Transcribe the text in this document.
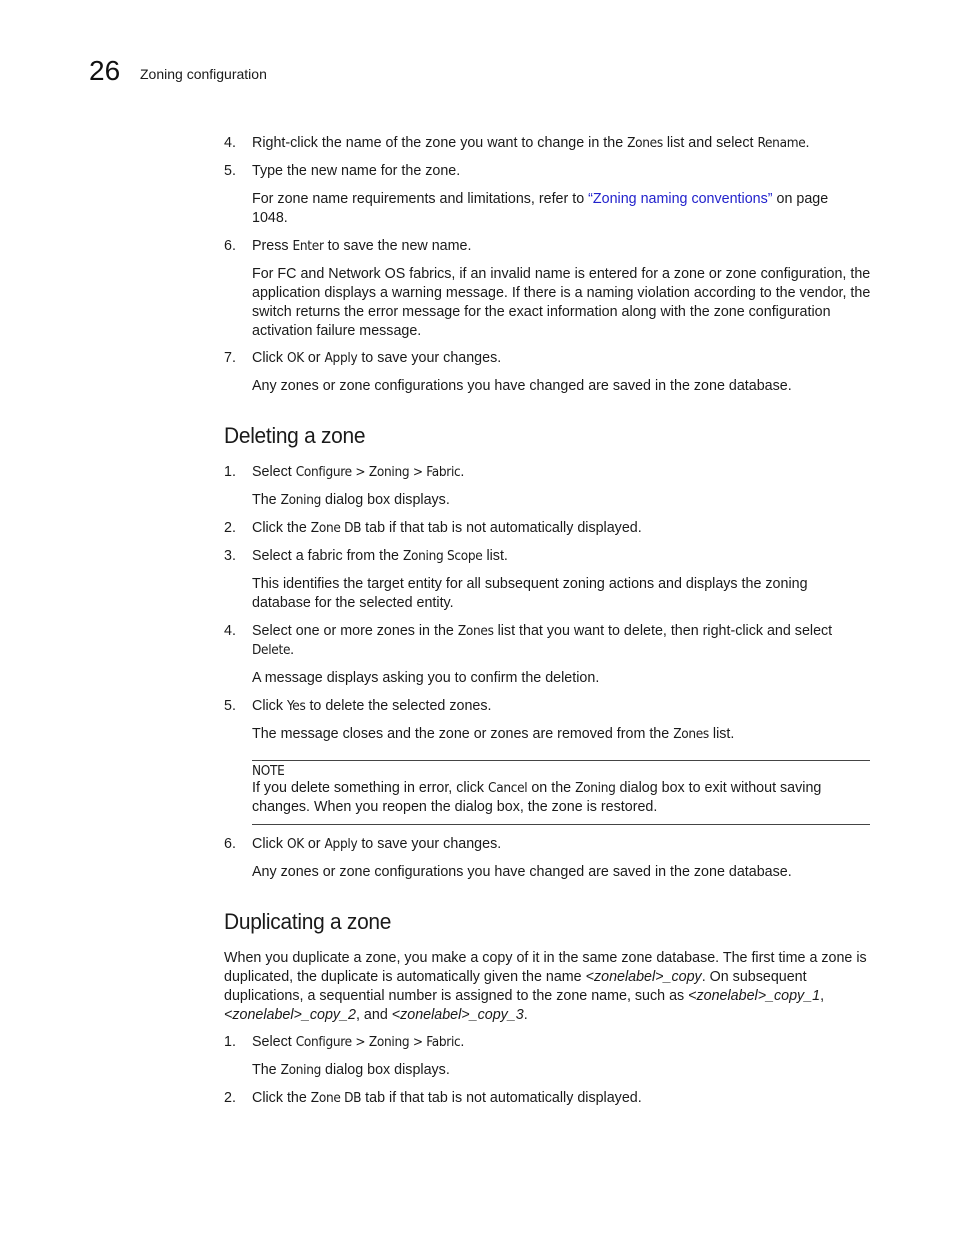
26 Zoning configuration
4.	Right-click the name of the zone you want to change in the Zones list and select Rename.
5.	Type the new name for the zone.
For zone name requirements and limitations, refer to “Zoning naming conventions” on page 1048.
6.	Press Enter to save the new name.
For FC and Network OS fabrics, if an invalid name is entered for a zone or zone configuration, the application displays a warning message. If there is a naming violation according to the vendor, the switch returns the error message for the exact information along with the zone configuration activation failure message.
7.	Click OK or Apply to save your changes.
Any zones or zone configurations you have changed are saved in the zone database.
Deleting a zone
1.	Select Configure > Zoning > Fabric.
The Zoning dialog box displays.
2.	Click the Zone DB tab if that tab is not automatically displayed.
3.	Select a fabric from the Zoning Scope list.
This identifies the target entity for all subsequent zoning actions and displays the zoning database for the selected entity.
4.	Select one or more zones in the Zones list that you want to delete, then right-click and select Delete.
A message displays asking you to confirm the deletion.
5.	Click Yes to delete the selected zones.
The message closes and the zone or zones are removed from the Zones list.
NOTE
If you delete something in error, click Cancel on the Zoning dialog box to exit without saving changes. When you reopen the dialog box, the zone is restored.
6.	Click OK or Apply to save your changes.
Any zones or zone configurations you have changed are saved in the zone database.
Duplicating a zone
When you duplicate a zone, you make a copy of it in the same zone database. The first time a zone is duplicated, the duplicate is automatically given the name <zonelabel>_copy. On subsequent duplications, a sequential number is assigned to the zone name, such as <zonelabel>_copy_1, <zonelabel>_copy_2, and <zonelabel>_copy_3.
1.	Select Configure > Zoning > Fabric.
The Zoning dialog box displays.
2.	Click the Zone DB tab if that tab is not automatically displayed.
